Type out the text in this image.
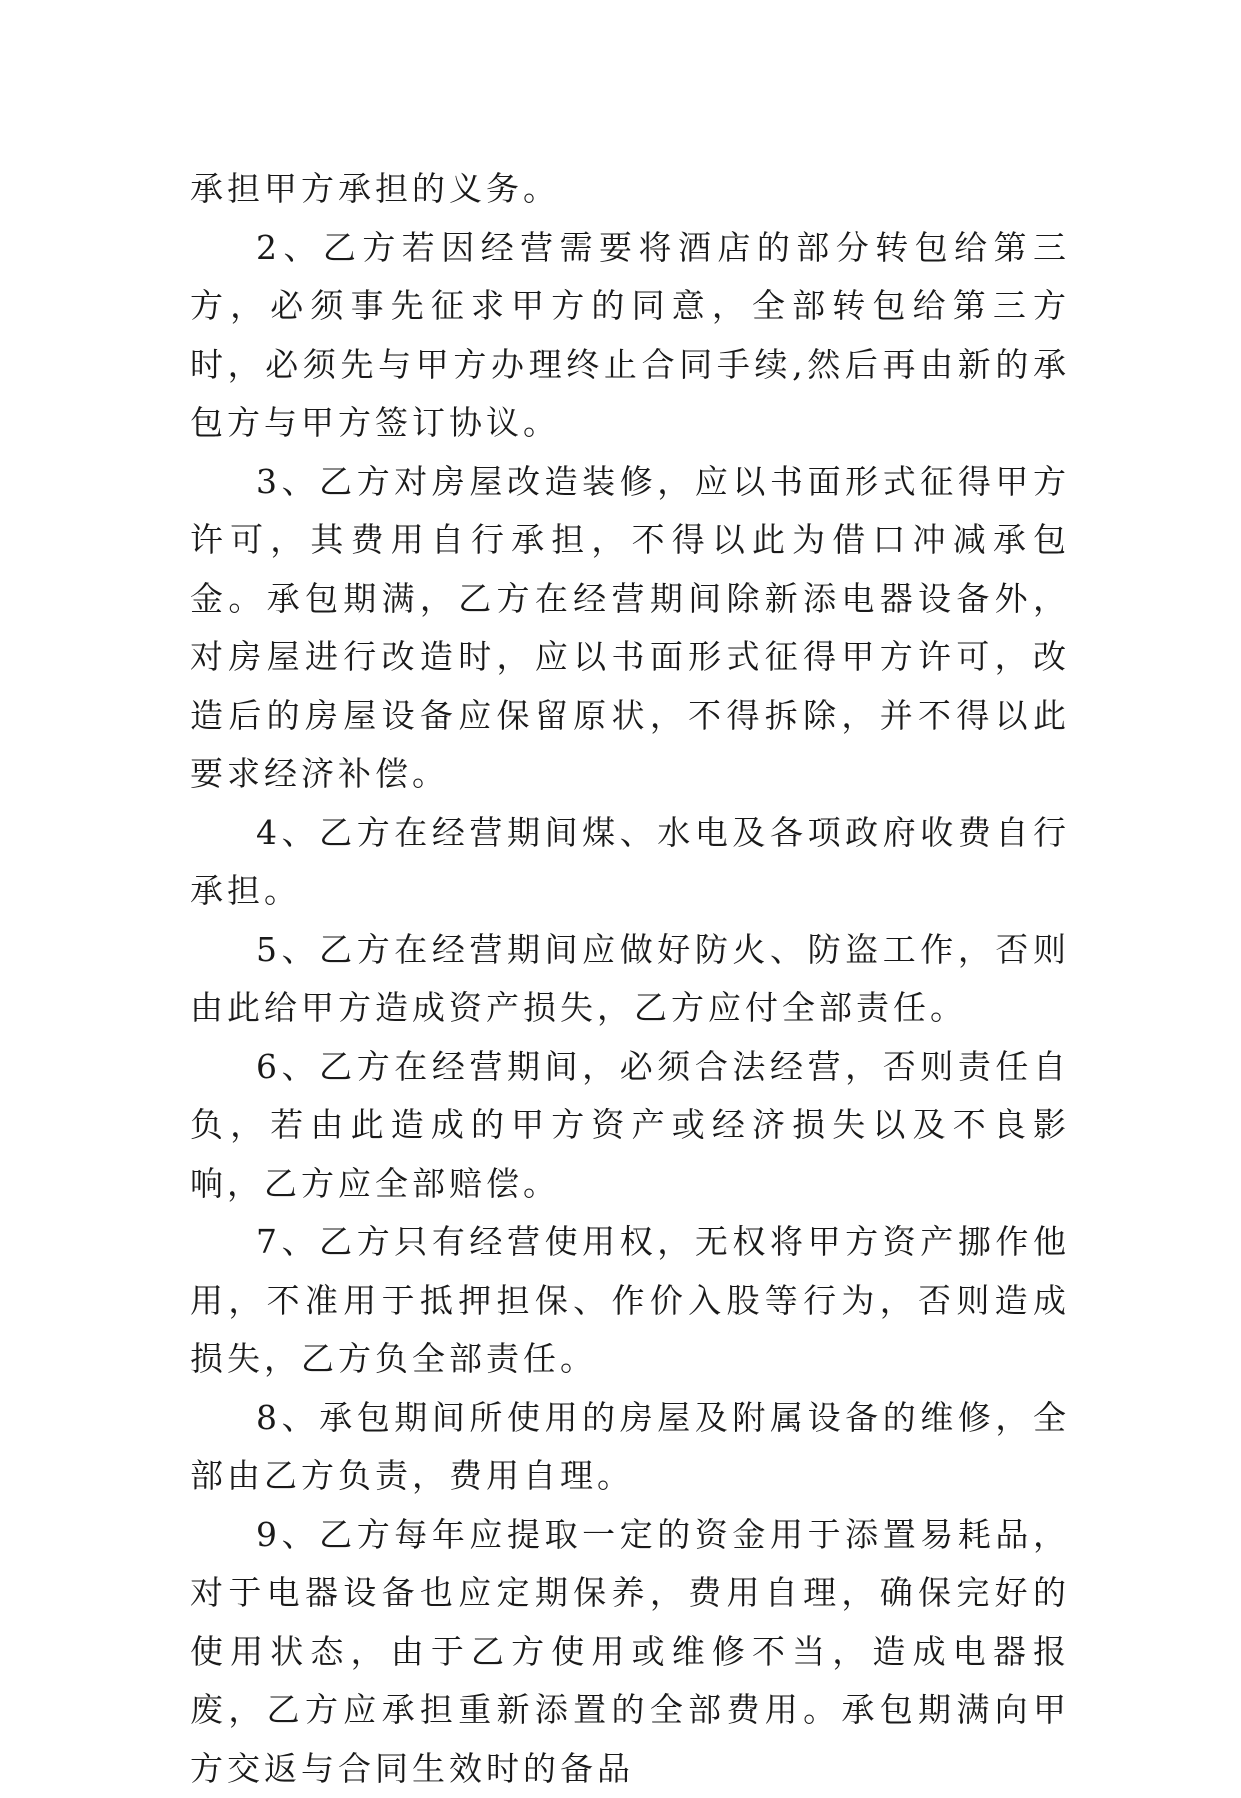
承担甲方承担的义务。

2、乙方若因经营需要将酒店的部分转包给第三方，必须事先征求甲方的同意，全部转包给第三方时，必须先与甲方办理终止合同手续,然后再由新的承包方与甲方签订协议。

3、乙方对房屋改造装修，应以书面形式征得甲方许可，其费用自行承担，不得以此为借口冲减承包金。承包期满，乙方在经营期间除新添电器设备外，对房屋进行改造时，应以书面形式征得甲方许可，改造后的房屋设备应保留原状，不得拆除，并不得以此要求经济补偿。

4、乙方在经营期间煤、水电及各项政府收费自行承担。

5、乙方在经营期间应做好防火、防盗工作，否则由此给甲方造成资产损失，乙方应付全部责任。

6、乙方在经营期间，必须合法经营，否则责任自负，若由此造成的甲方资产或经济损失以及不良影响，乙方应全部赔偿。

7、乙方只有经营使用权，无权将甲方资产挪作他用，不准用于抵押担保、作价入股等行为，否则造成损失，乙方负全部责任。

8、承包期间所使用的房屋及附属设备的维修，全部由乙方负责，费用自理。

9、乙方每年应提取一定的资金用于添置易耗品，对于电器设备也应定期保养，费用自理，确保完好的使用状态，由于乙方使用或维修不当，造成电器报废，乙方应承担重新添置的全部费用。承包期满向甲方交返与合同生效时的备品
